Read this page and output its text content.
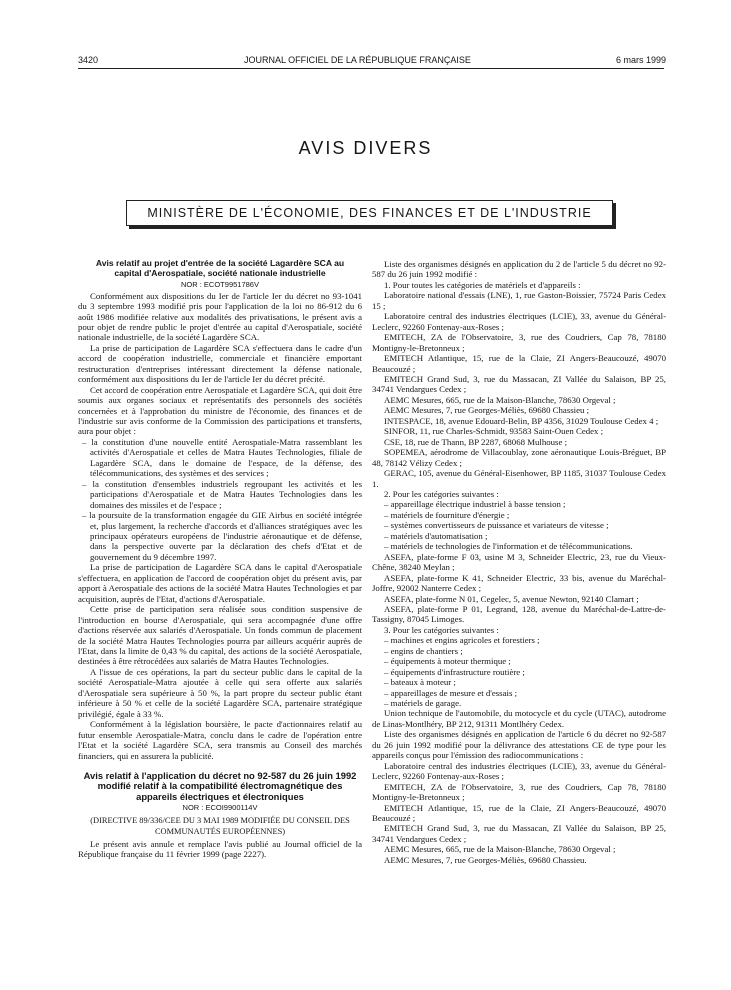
3420	JOURNAL OFFICIEL DE LA RÉPUBLIQUE FRANÇAISE	6 mars 1999
AVIS DIVERS
MINISTÈRE DE L'ÉCONOMIE, DES FINANCES ET DE L'INDUSTRIE

Avis relatif au projet d'entrée de la société Lagardère SCA au capital d'Aerospatiale, société nationale industrielle

NOR : ECOT9951786V

Conformément aux dispositions du Ier de l'article Ier du décret no 93-1041 du 3 septembre 1993 modifié pris pour l'application de la loi no 86-912 du 6 août 1986 modifiée relative aux modalités des privatisations, le présent avis a pour objet de rendre public le projet d'entrée au capital d'Aerospatiale, société nationale industrielle, de la société Lagardère SCA.

La prise de participation de Lagardère SCA s'effectuera dans le cadre d'un accord de coopération industrielle, commerciale et financière emportant restructuration d'entreprises intéressant directement la défense nationale, conformément aux dispositions du Ier de l'article Ier du décret précité.

Cet accord de coopération entre Aerospatiale et Lagardère SCA, qui doit être soumis aux organes sociaux et représentatifs des personnels des sociétés concernées et à l'approbation du ministre de l'économie, des finances et de l'industrie sur avis conforme de la Commission des participations et transferts, aura pour objet :

– la constitution d'une nouvelle entité Aerospatiale-Matra rassemblant les activités d'Aerospatiale et celles de Matra Hautes Technologies, filiale de Lagardère SCA, dans le domaine de l'espace, de la défense, des télécommunications, des systèmes et des services ;

– la constitution d'ensembles industriels regroupant les activités et les participations d'Aerospatiale et de Matra Hautes Technologies dans les domaines des missiles et de l'espace ;

– la poursuite de la transformation engagée du GIE Airbus en société intégrée et, plus largement, la recherche d'accords et d'alliances stratégiques avec les principaux opérateurs européens de l'industrie aéronautique et de défense, dans la perspective ouverte par la déclaration des chefs d'Etat et de gouvernement du 9 décembre 1997.

La prise de participation de Lagardère SCA dans le capital d'Aerospatiale s'effectuera, en application de l'accord de coopération objet du présent avis, par apport à Aerospatiale des actions de la société Matra Hautes Technologies et par acquisition, auprès de l'Etat, d'actions d'Aerospatiale.

Cette prise de participation sera réalisée sous condition suspensive de l'introduction en bourse d'Aerospatiale, qui sera accompagnée d'une offre d'actions réservée aux salariés d'Aerospatiale. Un fonds commun de placement de la société Matra Hautes Technologies pourra par ailleurs acquérir auprès de l'Etat, dans la limite de 0,43 % du capital, des actions de la société Aerospatiale, destinées à être rétrocédées aux salariés de Matra Hautes Technologies.

A l'issue de ces opérations, la part du secteur public dans le capital de la société Aerospatiale-Matra ajoutée à celle qui sera offerte aux salariés d'Aerospatiale sera supérieure à 50 %, la part propre du secteur public étant inférieure à 50 % et celle de la société Lagardère SCA, partenaire stratégique privilégié, égale à 33 %.

Conformément à la législation boursière, le pacte d'actionnaires relatif au futur ensemble Aerospatiale-Matra, conclu dans le cadre de l'opération entre l'Etat et la société Lagardère SCA, sera transmis au Conseil des marchés financiers, qui en assurera la publicité.

Avis relatif à l'application du décret no 92-587 du 26 juin 1992 modifié relatif à la compatibilité électromagnétique des appareils électriques et électroniques

NOR : ECOI9900114V

(DIRECTIVE 89/336/CEE DU 3 MAI 1989 MODIFIÉE DU CONSEIL DES COMMUNAUTÉS EUROPÉENNES)

Le présent avis annule et remplace l'avis publié au Journal officiel de la République française du 11 février 1999 (page 2227).

Liste des organismes désignés en application du 2 de l'article 5 du décret no 92-587 du 26 juin 1992 modifié :

1. Pour toutes les catégories de matériels et d'appareils :

Laboratoire national d'essais (LNE), 1, rue Gaston-Boissier, 75724 Paris Cedex 15 ;

Laboratoire central des industries électriques (LCIE), 33, avenue du Général-Leclerc, 92260 Fontenay-aux-Roses ;

EMITECH, ZA de l'Observatoire, 3, rue des Coudriers, Cap 78, 78180 Montigny-le-Bretonneux ;

EMITECH Atlantique, 15, rue de la Claie, ZI Angers-Beaucouzé, 49070 Beaucouzé ;

EMITECH Grand Sud, 3, rue du Massacan, ZI Vallée du Salaison, BP 25, 34741 Vendargues Cedex ;

AEMC Mesures, 665, rue de la Maison-Blanche, 78630 Orgeval ;

AEMC Mesures, 7, rue Georges-Méliès, 69680 Chassieu ;

INTESPACE, 18, avenue Edouard-Belin, BP 4356, 31029 Toulouse Cedex 4 ;

SINFOR, 11, rue Charles-Schmidt, 93583 Saint-Ouen Cedex ;

CSE, 18, rue de Thann, BP 2287, 68068 Mulhouse ;

SOPEMEA, aérodrome de Villacoublay, zone aéronautique Louis-Bréguet, BP 48, 78142 Vélizy Cedex ;

GERAC, 105, avenue du Général-Eisenhower, BP 1185, 31037 Toulouse Cedex 1.

2. Pour les catégories suivantes :

– appareillage électrique industriel à basse tension ;

– matériels de fourniture d'énergie ;

– systèmes convertisseurs de puissance et variateurs de vitesse ;

– matériels d'automatisation ;

– matériels de technologies de l'information et de télécommunications.

ASEFA, plate-forme F 03, usine M 3, Schneider Electric, 23, rue du Vieux-Chêne, 38240 Meylan ;

ASEFA, plate-forme K 41, Schneider Electric, 33 bis, avenue du Maréchal-Joffre, 92002 Nanterre Cedex ;

ASEFA, plate-forme N 01, Cegelec, 5, avenue Newton, 92140 Clamart ;

ASEFA, plate-forme P 01, Legrand, 128, avenue du Maréchal-de-Lattre-de-Tassigny, 87045 Limoges.

3. Pour les catégories suivantes :

– machines et engins agricoles et forestiers ;

– engins de chantiers ;

– équipements à moteur thermique ;

– équipements d'infrastructure routière ;

– bateaux à moteur ;

– appareillages de mesure et d'essais ;

– matériels de garage.

Union technique de l'automobile, du motocycle et du cycle (UTAC), autodrome de Linas-Montlhéry, BP 212, 91311 Montlhéry Cedex.

Liste des organismes désignés en application de l'article 6 du décret no 92-587 du 26 juin 1992 modifié pour la délivrance des attestations CE de type pour les appareils conçus pour l'émission des radiocommunications :

Laboratoire central des industries électriques (LCIE), 33, avenue du Général-Leclerc, 92260 Fontenay-aux-Roses ;

EMITECH, ZA de l'Observatoire, 3, rue des Coudriers, Cap 78, 78180 Montigny-le-Bretonneux ;

EMITECH Atlantique, 15, rue de la Claie, ZI Angers-Beaucouzé, 49070 Beaucouzé ;

EMITECH Grand Sud, 3, rue du Massacan, ZI Vallée du Salaison, BP 25, 34741 Vendargues Cedex ;

AEMC Mesures, 665, rue de la Maison-Blanche, 78630 Orgeval ;

AEMC Mesures, 7, rue Georges-Méliès, 69680 Chassieu.
